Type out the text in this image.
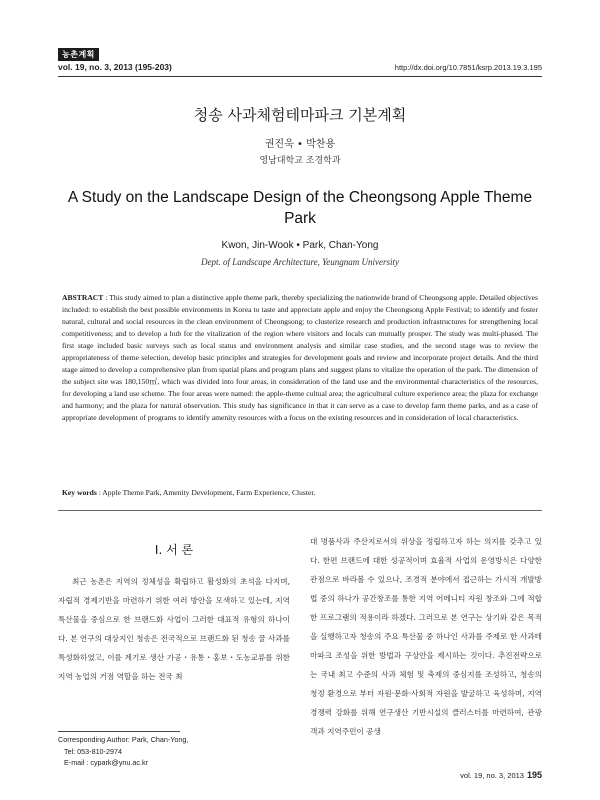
농촌계획
vol. 19, no. 3, 2013 (195-203)	http://dx.doi.org/10.7851/ksrp.2013.19.3.195
청송 사과체험테마파크 기본계획
권진욱 • 박찬용
영남대학교 조경학과
A Study on the Landscape Design of the Cheongsong Apple Theme Park
Kwon, Jin-Wook • Park, Chan-Yong
Dept. of Landscape Architecture, Yeungnam University
ABSTRACT : This study aimed to plan a distinctive apple theme park, thereby specializing the nationwide brand of Cheongsong apple. Detailed objectives included: to establish the best possible environments in Korea to taste and appreciate apple and enjoy the Cheongsong Apple Festival; to identify and foster natural, cultural and social resources in the clean environment of Cheongsong; to clusterize research and production infrastructures for strengthening local competitiveness; and to develop a hub for the vitalization of the region where visitors and locals can mutually prosper. The study was multi-phased. The first stage included basic surveys such as local status and environment analysis and similar case studies, and the second stage was to review the appropriateness of theme selection, develop basic principles and strategies for development goals and review and incorporate project details. And the third stage aimed to develop a comprehensive plan from spatial plans and program plans and suggest plans to vitalize the operation of the park. The dimension of the subject site was 180,150㎡, which was divided into four areas, in consideration of the land use and the environmental characteristics of the resources, for developing a land use scheme. The four areas were named: the apple-theme cultual area; the agricultural culture experience area; the plaza for exchange and harmony; and the plaza for natural observation. This study has significance in that it can serve as a case to develop farm theme parks, and as a case of appropriate development of programs to identify amenity resources with a focus on the existing resources and in consideration of local characteristics.
Key words : Apple Theme Park, Amenity Development, Farm Experience, Cluster.
I. 서 론
최근 농촌은 지역의 정체성을 확립하고 활성화의 초석을 다지며, 자립적 경제기반을 마련하기 위한 여러 방안을 모색하고 있는데, 지역 특산물을 중심으로 한 브랜드화 사업이 그러한 대표적 유형의 하나이다. 본 연구의 대상지인 청송은 전국적으로 브랜드화 된 청송 꿀 사과를 특성화하였고, 이를 계기로 생산 가공・유통・홍보・도농교류를 위한 지역 농업의 거점 역할을 하는 전국 최
Corresponding Author: Park, Chan-Yong,
Tel: 053-810-2974
E-mail : cypark@ynu.ac.kr
대 명품사과 주산지로서의 위상을 정립하고자 하는 의지를 갖추고 있다. 한편 브랜드에 대한 성공적이며 효율적 사업의 운영방식은 다양한 관점으로 바라볼 수 있으나, 조경적 분야에서 접근하는 가시적 개발방법 중의 하나가 공간창조를 통한 지역 어메니티 자원 창조와 그에 적합한 프로그램의 적용이라 하겠다. 그러므로 본 연구는 상기와 같은 목적을 실행하고자 청송의 주요 특산물 중 하나인 사과를 주제로 한 사과테마파크 조성을 위한 방법과 구상안을 제시하는 것이다. 추진전략으로는 국내 최고 수준의 사과 체험 및 축제의 중심지를 조성하고, 청송의 청정 환경으로 부터 자원·문화·사회적 자원을 발굴하고 육성하며, 지역 경쟁력 강화를 위해 연구생산 기반시설의 클러스터를 마련하여, 관광객과 지역주민이 공생
vol. 19, no. 3, 2013 195
